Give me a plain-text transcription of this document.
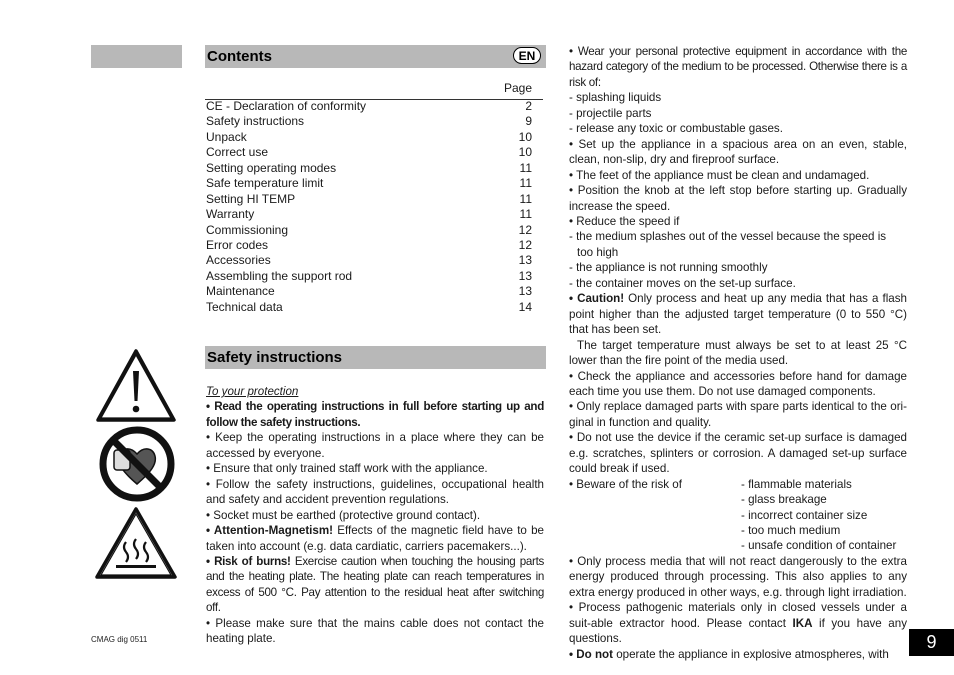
Contents	EN
Page
CE - Declaration of conformity	2
Safety instructions	9
Unpack	10
Correct use	10
Setting operating modes	11
Safe temperature limit	11
Setting HI TEMP	11
Warranty	11
Commissioning	12
Error codes	12
Accessories	13
Assembling the support rod	13
Maintenance	13
Technical data	14
Safety instructions

To your protection

• Read the operating instructions in full before starting up and follow the safety instructions.

• Keep the operating instructions in a place where they can be accessed by everyone.

• Ensure that only trained staff work with the appliance.

• Follow the safety instructions, guidelines, occupational health and safety and accident prevention regulations.

• Socket must be earthed (protective ground contact).

• Attention-Magnetism! Effects of the magnetic field have to be taken into account (e.g. data cardiatic, carriers pacemakers...).

• Risk of burns! Exercise caution when touching the housing parts and the heating plate. The heating plate can reach temperatures in excess of 500 °C. Pay attention to the residual heat after switching off.

• Please make sure that the mains cable does not contact the heating plate.

• Wear your personal protective equipment in accordance with the hazard category of the medium to be processed. Otherwise there is a risk of:

- splashing liquids

- projectile parts

- release any toxic or combustable gases.

• Set up the appliance in a spacious area on an even, stable, clean, non-slip, dry and fireproof surface.

• The feet of the appliance must be clean and undamaged.

• Position the knob at the left stop before starting up. Gradually increase the speed.

• Reduce the speed if

- the medium splashes out of the vessel because the speed is

too high

- the appliance is not running smoothly

- the container moves on the set-up surface.

• Caution! Only process and heat up any media that has a flash point higher than the adjusted target temperature (0 to 550 °C) that has been set.

The target temperature must always be set to at least 25 °C lower than the fire point of the media used.

• Check the appliance and accessories before hand for damage each time you use them. Do not use damaged components.

• Only replace damaged parts with spare parts identical to the ori-ginal in function and quality.

• Do not use the device if the ceramic set-up surface is damaged e.g. scratches, splinters or corrosion. A damaged set-up surface could break if used.

• Beware of the risk of	- flammable materials
- glass breakage
- incorrect container size
- too much medium
- unsafe condition of container

• Only process media that will not react dangerously to the extra energy produced through processing. This also applies to any extra energy produced in other ways, e.g. through light irradiation.

• Process pathogenic materials only in closed vessels under a suit-able extractor hood. Please contact IKA if you have any questions.

• Do not operate the appliance in explosive atmospheres, with

CMAG dig 0511	9
